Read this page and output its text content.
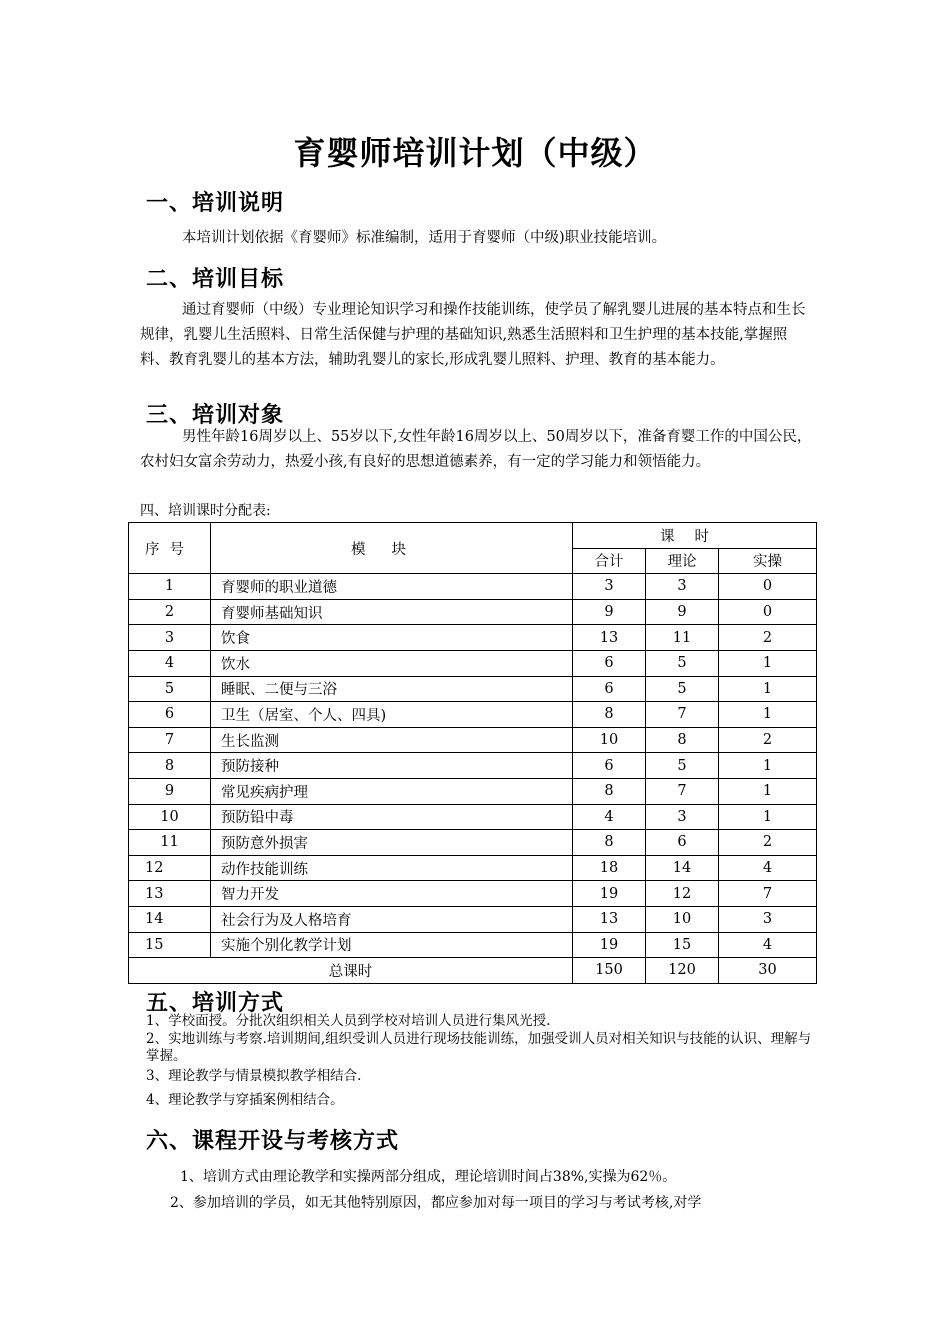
育婴师培训计划（中级）
一、培训说明
本培训计划依据《育婴师》标准编制，适用于育婴师（中级)职业技能培训。
二、培训目标
通过育婴师（中级）专业理论知识学习和操作技能训练，使学员了解乳婴儿进展的基本特点和生长规律，乳婴儿生活照料、日常生活保健与护理的基础知识,熟悉生活照料和卫生护理的基本技能,掌握照料、教育乳婴儿的基本方法，辅助乳婴儿的家长,形成乳婴儿照料、护理、教育的基本能力。
三、培训对象
男性年龄16周岁以上、55岁以下,女性年龄16周岁以上、50周岁以下，准备育婴工作的中国公民，农村妇女富余劳动力，热爱小孩,有良好的思想道德素养，有一定的学习能力和领悟能力。
四、培训课时分配表:
序号	模块	课时		
		合计	理论	实操
1	育婴师的职业道德	3	3	0
2	育婴师基础知识	9	9	0
3	饮食	13	11	2
4	饮水	6	5	1
5	睡眠、二便与三浴	6	5	1
6	卫生（居室、个人、四具)	8	7	1
7	生长监测	10	8	2
8	预防接种	6	5	1
9	常见疾病护理	8	7	1
10	预防铅中毒	4	3	1
11	预防意外损害	8	6	2
12	动作技能训练	18	14	4
13	智力开发	19	12	7
14	社会行为及人格培育	13	10	3
15	实施个别化教学计划	19	15	4
总课时		150	120	30
五、培训方式
1、学校面授。分批次组织相关人员到学校对培训人员进行集风光授.
2、实地训练与考察.培训期间,组织受训人员进行现场技能训练，加强受训人员对相关知识与技能的认识、理解与掌握。
3、理论教学与情景模拟教学相结合.
4、理论教学与穿插案例相结合。
六、课程开设与考核方式
1、培训方式由理论教学和实操两部分组成，理论培训时间占38%,实操为62％。
2、参加培训的学员，如无其他特别原因，都应参加对每一项目的学习与考试考核,对学
